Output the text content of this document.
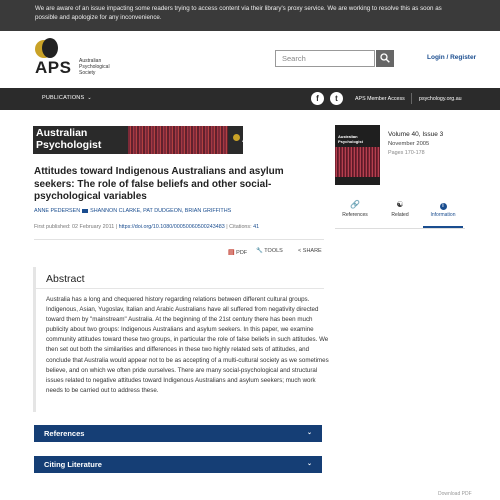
We are aware of an issue impacting some readers trying to access content via their library's proxy service. We are working to resolve this as soon as possible and apologize for any inconvenience.
APS Australian Psychological Society
Search	Login / Register
PUBLICATIONS ⌄	f	t	APS Member Access	psychology.org.au
Australian
Psychologist	APS
Attitudes toward Indigenous Australians and asylum seekers: The role of false beliefs and other social-psychological variables
ANNE PEDERSEN SHANNON CLARKE, PAT DUDGEON, BRIAN GRIFFITHS
First published: 02 February 2011 | https://doi.org/10.1080/00050060500243483 | Citations: 41
▤ PDF 🔧 TOOLS ⠀< SHARE
Abstract
Australia has a long and chequered history regarding relations between different cultural groups. Indigenous, Asian, Yugoslav, Italian and Arabic Australians have all suffered from negativity directed toward them by "mainstream" Australia. At the beginning of the 21st century there has been much publicity about two groups: Indigenous Australians and asylum seekers. In this paper, we examine community attitudes toward these two groups, in particular the role of false beliefs in such attitudes. We then set out both the similarities and differences in these two highly related sets of attitudes, and conclude that Australia would appear not to be as accepting of a multi-cultural society as we sometimes believe, and on which we often pride ourselves. There are many social-psychological and structural issues related to negative attitudes toward Indigenous Australians and asylum seekers; much work needs to be carried out to address these.
References	⌄
Citing Literature	⌄
Australian Psychologist
Volume 40, Issue 3
November 2005
Pages 170-178
🔗
References
☯
Related
i
Information
Download PDF
